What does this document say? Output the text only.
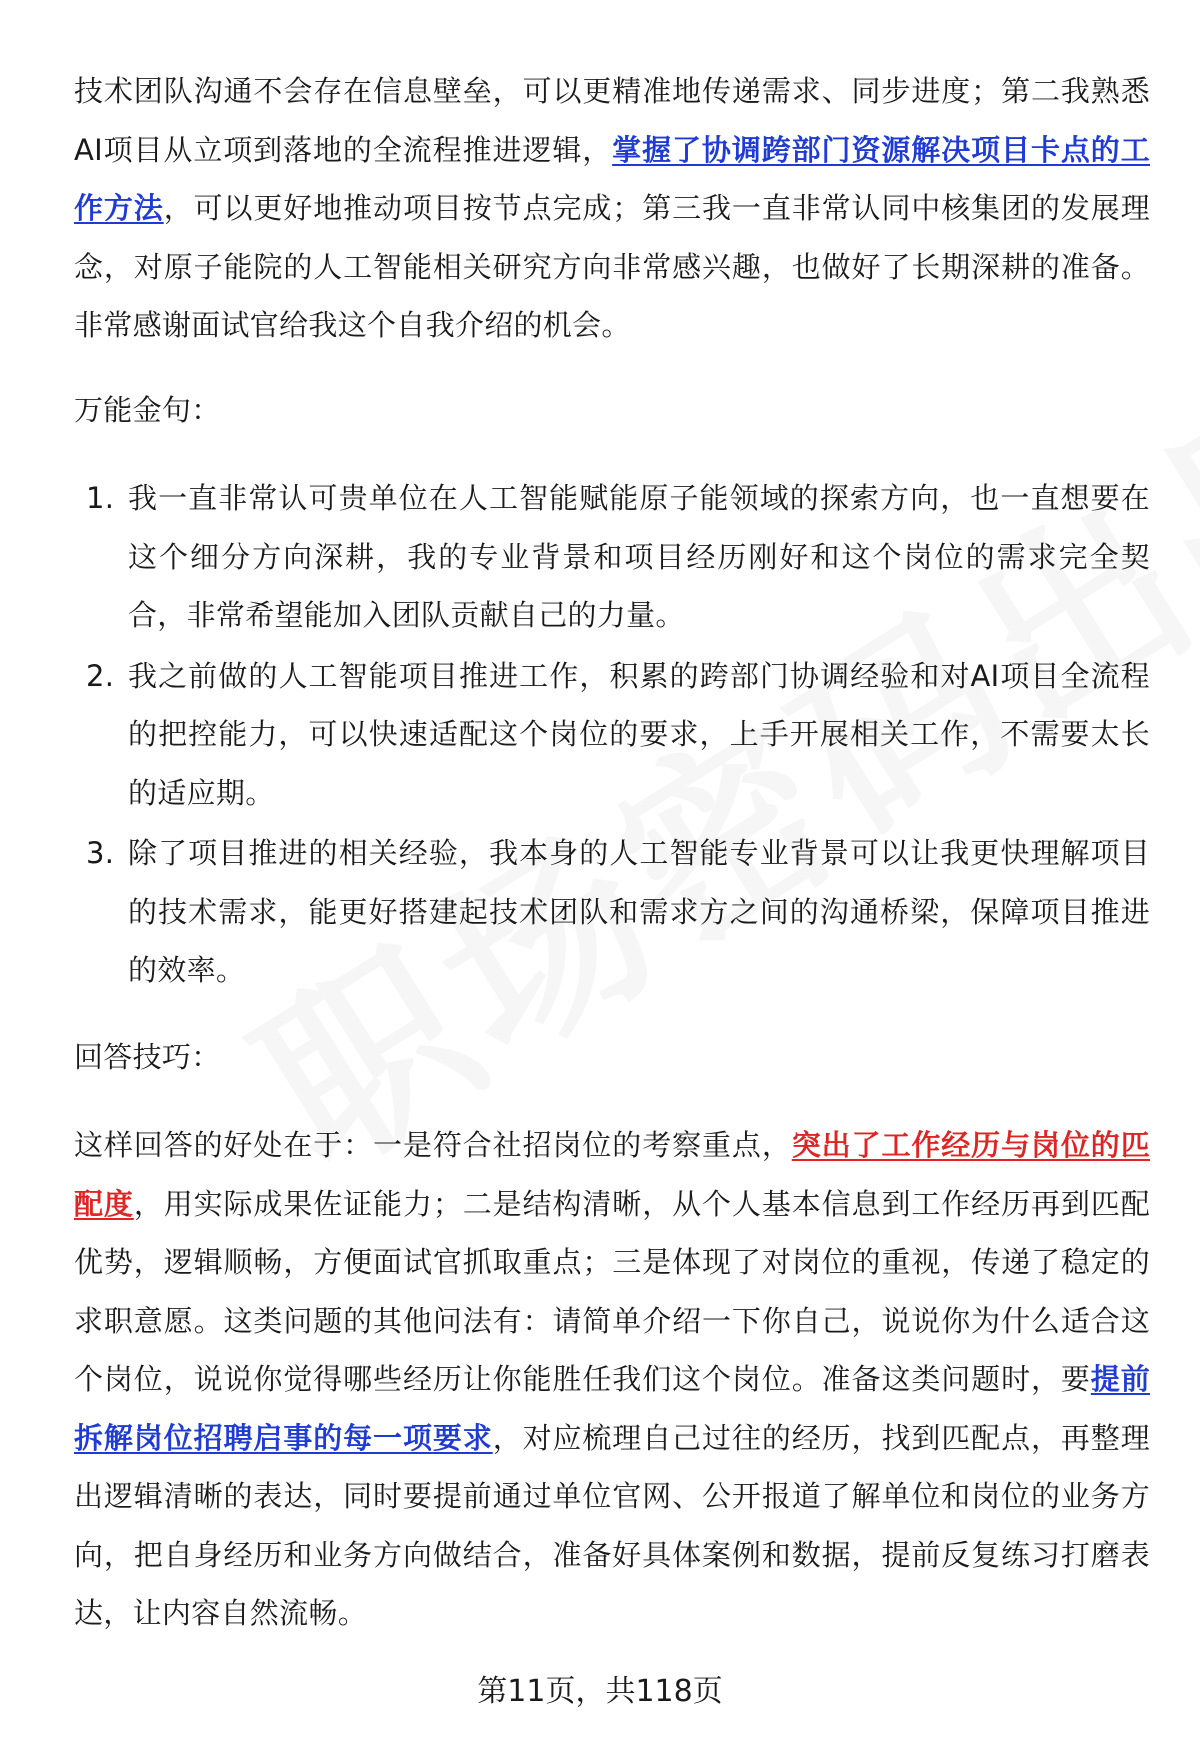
技术团队沟通不会存在信息壁垒，可以更精准地传递需求、同步进度；第二我熟悉AI项目从立项到落地的全流程推进逻辑，掌握了协调跨部门资源解决项目卡点的工作方法，可以更好地推动项目按节点完成；第三我一直非常认同中核集团的发展理念，对原子能院的人工智能相关研究方向非常感兴趣，也做好了长期深耕的准备。非常感谢面试官给我这个自我介绍的机会。

万能金句：

1. 我一直非常认可贵单位在人工智能赋能原子能领域的探索方向，也一直想要在这个细分方向深耕，我的专业背景和项目经历刚好和这个岗位的需求完全契合，非常希望能加入团队贡献自己的力量。
2. 我之前做的人工智能项目推进工作，积累的跨部门协调经验和对AI项目全流程的把控能力，可以快速适配这个岗位的要求，上手开展相关工作，不需要太长的适应期。
3. 除了项目推进的相关经验，我本身的人工智能专业背景可以让我更快理解项目的技术需求，能更好搭建起技术团队和需求方之间的沟通桥梁，保障项目推进的效率。

回答技巧：

这样回答的好处在于：一是符合社招岗位的考察重点，突出了工作经历与岗位的匹配度，用实际成果佐证能力；二是结构清晰，从个人基本信息到工作经历再到匹配优势，逻辑顺畅，方便面试官抓取重点；三是体现了对岗位的重视，传递了稳定的求职意愿。这类问题的其他问法有：请简单介绍一下你自己，说说你为什么适合这个岗位，说说你觉得哪些经历让你能胜任我们这个岗位。准备这类问题时，要提前拆解岗位招聘启事的每一项要求，对应梳理自己过往的经历，找到匹配点，再整理出逻辑清晰的表达，同时要提前通过单位官网、公开报道了解单位和岗位的业务方向，把自身经历和业务方向做结合，准备好具体案例和数据，提前反复练习打磨表达，让内容自然流畅。

第11页，共118页
